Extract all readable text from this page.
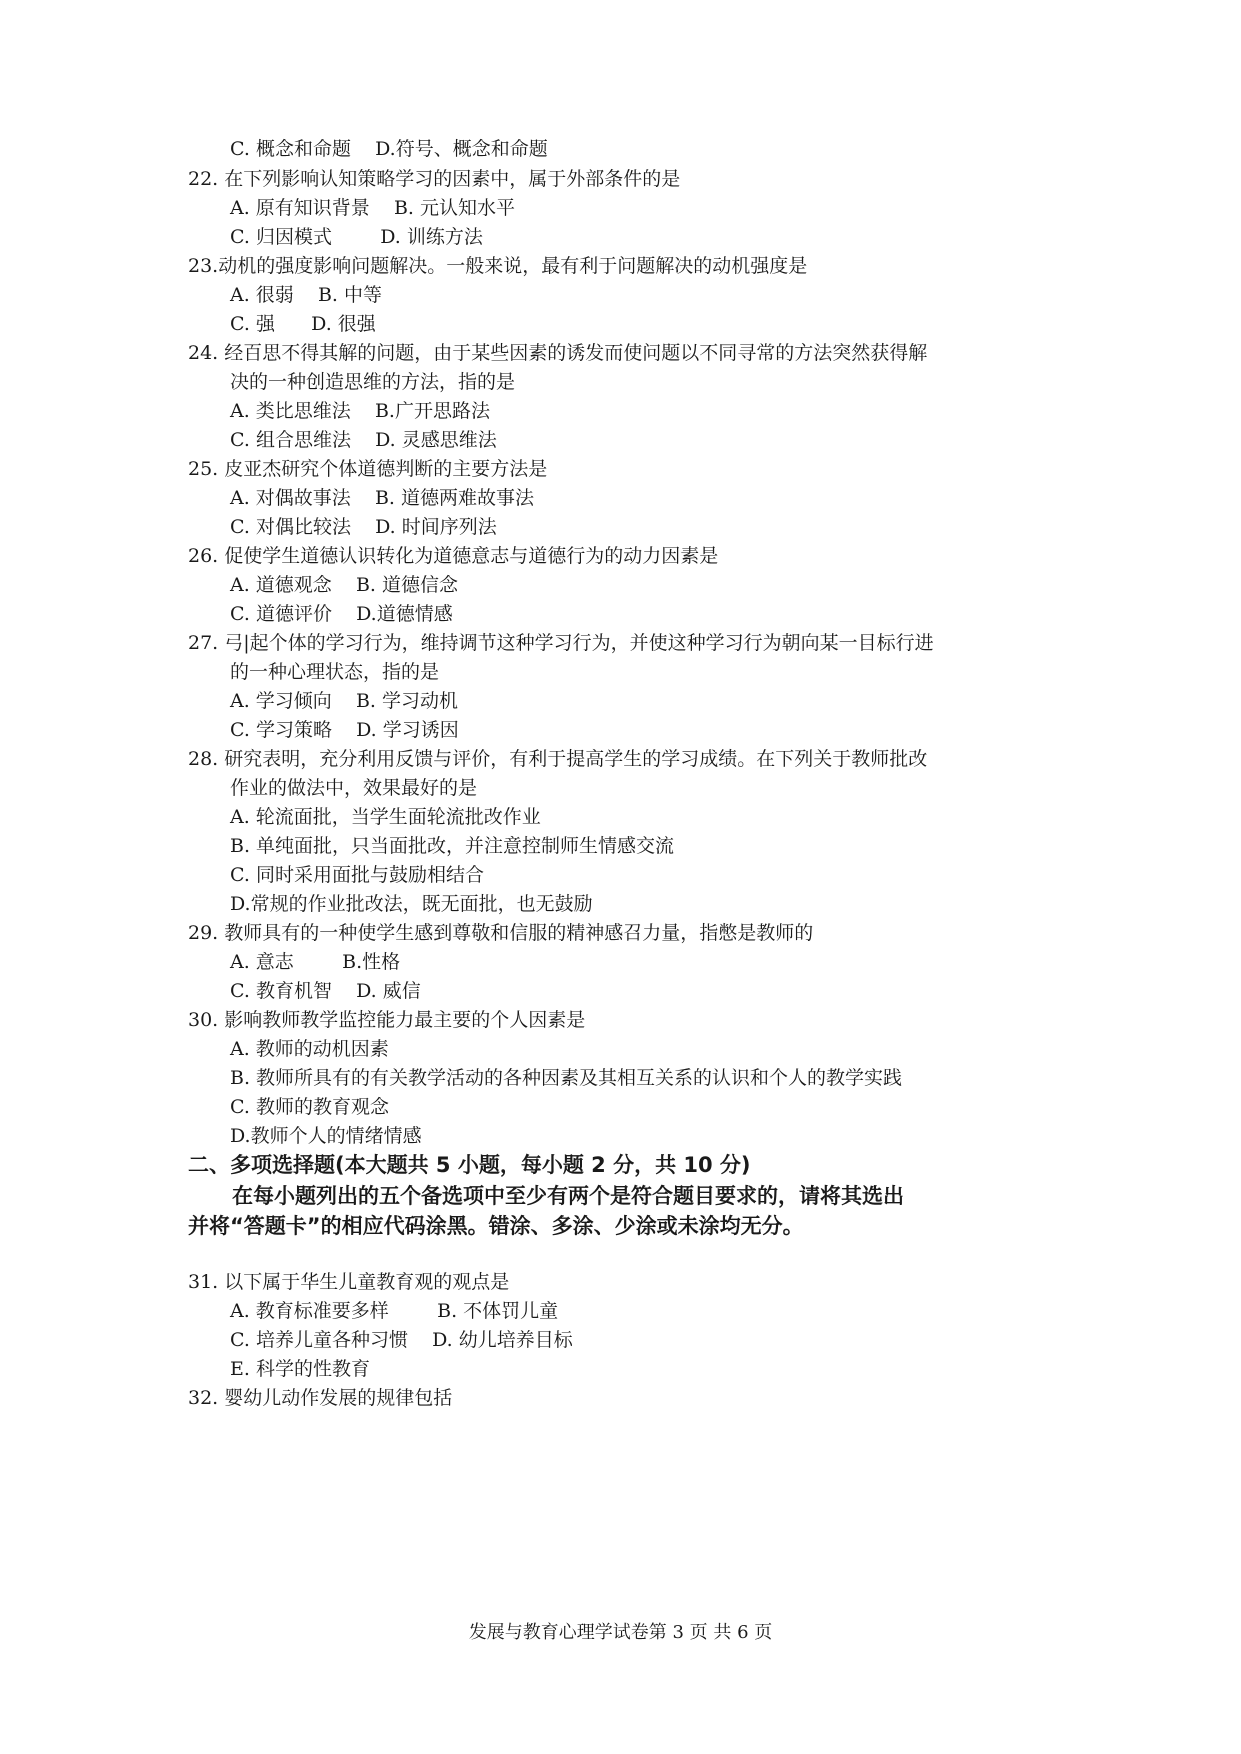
C. 概念和命题    D.符号、概念和命题
22. 在下列影响认知策略学习的因素中，属于外部条件的是
A. 原有知识背景    B. 元认知水平
C. 归因模式        D. 训练方法
23.动机的强度影响问题解决。一般来说，最有利于问题解决的动机强度是
A. 很弱    B. 中等
C. 强      D. 很强
24. 经百思不得其解的问题，由于某些因素的诱发而使问题以不同寻常的方法突然获得解
决的一种创造思维的方法，指的是
A. 类比思维法    B.广开思路法
C. 组合思维法    D. 灵感思维法
25. 皮亚杰研究个体道德判断的主要方法是
A. 对偶故事法    B. 道德两难故事法
C. 对偶比较法    D. 时间序列法
26. 促使学生道德认识转化为道德意志与道德行为的动力因素是
A. 道德观念    B. 道德信念
C. 道德评价    D.道德情感
27. 弓|起个体的学习行为，维持调节这种学习行为，并使这种学习行为朝向某一目标行进
的一种心理状态，指的是
A. 学习倾向    B. 学习动机
C. 学习策略    D. 学习诱因
28. 研究表明，充分利用反馈与评价，有利于提高学生的学习成绩。在下列关于教师批改
作业的做法中，效果最好的是
A. 轮流面批，当学生面轮流批改作业
B. 单纯面批，只当面批改，并注意控制师生情感交流
C. 同时采用面批与鼓励相结合
D.常规的作业批改法，既无面批，也无鼓励
29. 教师具有的一种使学生感到尊敬和信服的精神感召力量，指憋是教师的
A. 意志        B.性格
C. 教育机智    D. 威信
30. 影响教师教学监控能力最主要的个人因素是
A. 教师的动机因素
B. 教师所具有的有关教学活动的各种因素及其相互关系的认识和个人的教学实践
C. 教师的教育观念
D.教师个人的情绪情感
二、多项选择题(本大题共 5 小题，每小题 2 分，共 10 分)
在每小题列出的五个备选项中至少有两个是符合题目要求的，请将其选出
并将“答题卡”的相应代码涂黑。错涂、多涂、少涂或未涂均无分。
31. 以下属于华生儿童教育观的观点是
A. 教育标准要多样        B. 不体罚儿童
C. 培养儿童各种习惯    D. 幼儿培养目标
E. 科学的性教育
32. 婴幼儿动作发展的规律包括
发展与教育心理学试卷第 3 页 共 6 页
